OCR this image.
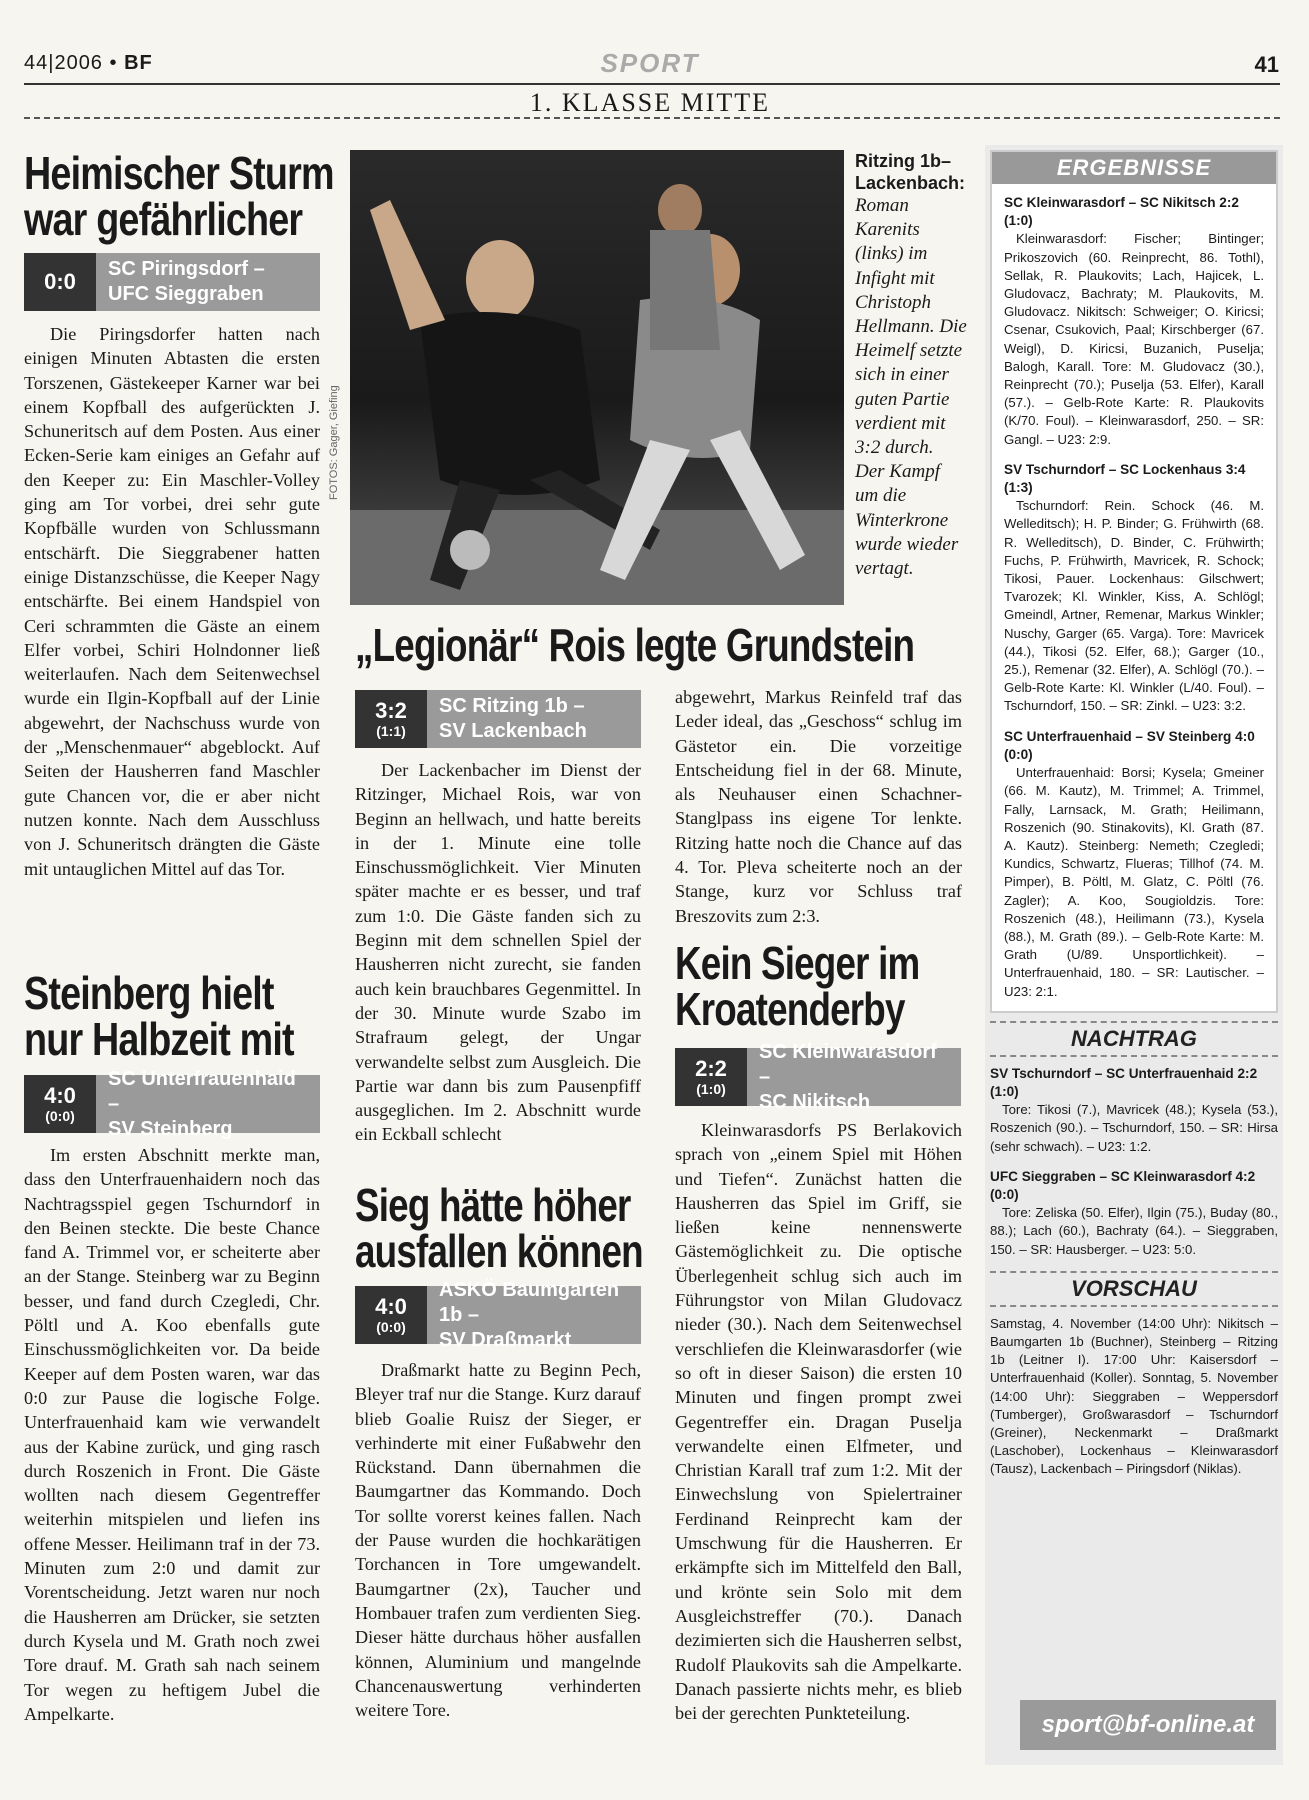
44|2006 • BF	SPORT	41
1. KLASSE MITTE
Heimischer Sturm
war gefährlicher
0:0 SC Piringsdorf –
UFC Sieggraben

Die Piringsdorfer hatten nach einigen Minuten Abtasten die ersten Torszenen, Gästekeeper Karner war bei einem Kopfball des aufgerückten J. Schuneritsch auf dem Posten. Aus einer Ecken-Serie kam einiges an Gefahr auf den Keeper zu: Ein Maschler-Volley ging am Tor vorbei, drei sehr gute Kopfbälle wurden von Schlussmann entschärft. Die Sieggrabener hatten einige Distanzschüsse, die Keeper Nagy entschärfte. Bei einem Handspiel von Ceri schrammten die Gäste an einem Elfer vorbei, Schiri Holndonner ließ weiterlaufen. Nach dem Seitenwechsel wurde ein Ilgin-Kopfball auf der Linie abgewehrt, der Nachschuss wurde von der „Menschenmauer“ abgeblockt. Auf Seiten der Hausherren fand Maschler gute Chancen vor, die er aber nicht nutzen konnte. Nach dem Ausschluss von J. Schuneritsch drängten die Gäste mit untauglichen Mittel auf das Tor.

Steinberg hielt
nur Halbzeit mit
4:0
(0:0)
SC Unterfrauenhaid –
SV Steinberg

Im ersten Abschnitt merkte man, dass den Unterfrauenhaidern noch das Nachtragsspiel gegen Tschurndorf in den Beinen steckte. Die beste Chance fand A. Trimmel vor, er scheiterte aber an der Stange. Steinberg war zu Beginn besser, und fand durch Czegledi, Chr. Pöltl und A. Koo ebenfalls gute Einschussmöglichkeiten vor. Da beide Keeper auf dem Posten waren, war das 0:0 zur Pause die logische Folge. Unterfrauenhaid kam wie verwandelt aus der Kabine zurück, und ging rasch durch Roszenich in Front. Die Gäste wollten nach diesem Gegentreffer weiterhin mitspielen und liefen ins offene Messer. Heilimann traf in der 73. Minuten zum 2:0 und damit zur Vorentscheidung. Jetzt waren nur noch die Hausherren am Drücker, sie setzten durch Kysela und M. Grath noch zwei Tore drauf. M. Grath sah nach seinem Tor wegen zu heftigem Jubel die Ampelkarte.

FOTOS: Gager, Giefing
Ritzing 1b–Lackenbach:
Roman Karenits (links) im Infight mit Christoph Hellmann. Die Heimelf setzte sich in einer guten Partie verdient mit 3:2 durch. Der Kampf um die Winterkrone wurde wieder vertagt.
„Legionär“ Rois legte Grundstein
3:2
(1:1)
SC Ritzing 1b –
SV Lackenbach

Der Lackenbacher im Dienst der Ritzinger, Michael Rois, war von Beginn an hellwach, und hatte bereits in der 1. Minute eine tolle Einschussmöglichkeit. Vier Minuten später machte er es besser, und traf zum 1:0. Die Gäste fanden sich zu Beginn mit dem schnellen Spiel der Hausherren nicht zurecht, sie fanden auch kein brauchbares Gegenmittel. In der 30. Minute wurde Szabo im Strafraum gelegt, der Ungar verwandelte selbst zum Ausgleich. Die Partie war dann bis zum Pausenpfiff ausgeglichen. Im 2. Abschnitt wurde ein Eckball schlecht

abgewehrt, Markus Reinfeld traf das Leder ideal, das „Geschoss“ schlug im Gästetor ein. Die vorzeitige Entscheidung fiel in der 68. Minute, als Neuhauser einen Schachner-Stanglpass ins eigene Tor lenkte. Ritzing hatte noch die Chance auf das 4. Tor. Pleva scheiterte noch an der Stange, kurz vor Schluss traf Breszovits zum 2:3.

Sieg hätte höher
ausfallen können
4:0
(0:0)
ASKÖ Baumgarten 1b –
SV Draßmarkt

Draßmarkt hatte zu Beginn Pech, Bleyer traf nur die Stange. Kurz darauf blieb Goalie Ruisz der Sieger, er verhinderte mit einer Fußabwehr den Rückstand. Dann übernahmen die Baumgartner das Kommando. Doch Tor sollte vorerst keines fallen. Nach der Pause wurden die hochkarätigen Torchancen in Tore umgewandelt. Baumgartner (2x), Taucher und Hombauer trafen zum verdienten Sieg. Dieser hätte durchaus höher ausfallen können, Aluminium und mangelnde Chancenauswertung verhinderten weitere Tore.

Kein Sieger im
Kroatenderby
2:2
(1:0)
SC Kleinwarasdorf –
SC Nikitsch

Kleinwarasdorfs PS Berlakovich sprach von „einem Spiel mit Höhen und Tiefen“. Zunächst hatten die Hausherren das Spiel im Griff, sie ließen keine nennenswerte Gästemöglichkeit zu. Die optische Überlegenheit schlug sich auch im Führungstor von Milan Gludovacz nieder (30.). Nach dem Seitenwechsel verschliefen die Kleinwarasdorfer (wie so oft in dieser Saison) die ersten 10 Minuten und fingen prompt zwei Gegentreffer ein. Dragan Puselja verwandelte einen Elfmeter, und Christian Karall traf zum 1:2. Mit der Einwechslung von Spielertrainer Ferdinand Reinprecht kam der Umschwung für die Hausherren. Er erkämpfte sich im Mittelfeld den Ball, und krönte sein Solo mit dem Ausgleichstreffer (70.). Danach dezimierten sich die Hausherren selbst, Rudolf Plaukovits sah die Ampelkarte. Danach passierte nichts mehr, es blieb bei der gerechten Punkteteilung.

ERGEBNISSE
SC Kleinwarasdorf – SC Nikitsch 2:2 (1:0)

Kleinwarasdorf: Fischer; Bintinger; Prikoszovich (60. Reinprecht, 86. Tothl), Sellak, R. Plaukovits; Lach, Hajicek, L. Gludovacz, Bachraty; M. Plaukovits, M. Gludovacz. Nikitsch: Schweiger; O. Kiricsi; Csenar, Csukovich, Paal; Kirschberger (67. Weigl), D. Kiricsi, Buzanich, Puselja; Balogh, Karall. Tore: M. Gludovacz (30.), Reinprecht (70.); Puselja (53. Elfer), Karall (57.). – Gelb-Rote Karte: R. Plaukovits (K/70. Foul). – Kleinwarasdorf, 250. – SR: Gangl. – U23: 2:9.

SV Tschurndorf – SC Lockenhaus 3:4 (1:3)

Tschurndorf: Rein. Schock (46. M. Welleditsch); H. P. Binder; G. Frühwirth (68. R. Welleditsch), D. Binder, C. Frühwirth; Fuchs, P. Frühwirth, Mavricek, R. Schock; Tikosi, Pauer. Lockenhaus: Gilschwert; Tvarozek; Kl. Winkler, Kiss, A. Schlögl; Gmeindl, Artner, Remenar, Markus Winkler; Nuschy, Garger (65. Varga). Tore: Mavricek (44.), Tikosi (52. Elfer, 68.); Garger (10., 25.), Remenar (32. Elfer), A. Schlögl (70.). – Gelb-Rote Karte: Kl. Winkler (L/40. Foul). – Tschurndorf, 150. – SR: Zinkl. – U23: 3:2.

SC Unterfrauenhaid – SV Steinberg 4:0 (0:0)

Unterfrauenhaid: Borsi; Kysela; Gmeiner (66. M. Kautz), M. Trimmel; A. Trimmel, Fally, Larnsack, M. Grath; Heilimann, Roszenich (90. Stinakovits), Kl. Grath (87. A. Kautz). Steinberg: Nemeth; Czegledi; Kundics, Schwartz, Flueras; Tillhof (74. M. Pimper), B. Pöltl, M. Glatz, C. Pöltl (76. Zagler); A. Koo, Sougioldzis. Tore: Roszenich (48.), Heilimann (73.), Kysela (88.), M. Grath (89.). – Gelb-Rote Karte: M. Grath (U/89. Unsportlichkeit). – Unterfrauenhaid, 180. – SR: Lautischer. – U23: 2:1.

NACHTRAG
SV Tschurndorf – SC Unterfrauenhaid 2:2 (1:0)

Tore: Tikosi (7.), Mavricek (48.); Kysela (53.), Roszenich (90.). – Tschurndorf, 150. – SR: Hirsa (sehr schwach). – U23: 1:2.

UFC Sieggraben – SC Kleinwarasdorf 4:2 (0:0)

Tore: Zeliska (50. Elfer), Ilgin (75.), Buday (80., 88.); Lach (60.), Bachraty (64.). – Sieggraben, 150. – SR: Hausberger. – U23: 5:0.

VORSCHAU

Samstag, 4. November (14:00 Uhr): Nikitsch – Baumgarten 1b (Buchner), Steinberg – Ritzing 1b (Leitner I). 17:00 Uhr: Kaisersdorf – Unterfrauenhaid (Koller). Sonntag, 5. November (14:00 Uhr): Sieggraben – Weppersdorf (Tumberger), Großwarasdorf – Tschurndorf (Greiner), Neckenmarkt – Draßmarkt (Laschober), Lockenhaus – Kleinwarasdorf (Tausz), Lackenbach – Piringsdorf (Niklas).

sport@bf-online.at
